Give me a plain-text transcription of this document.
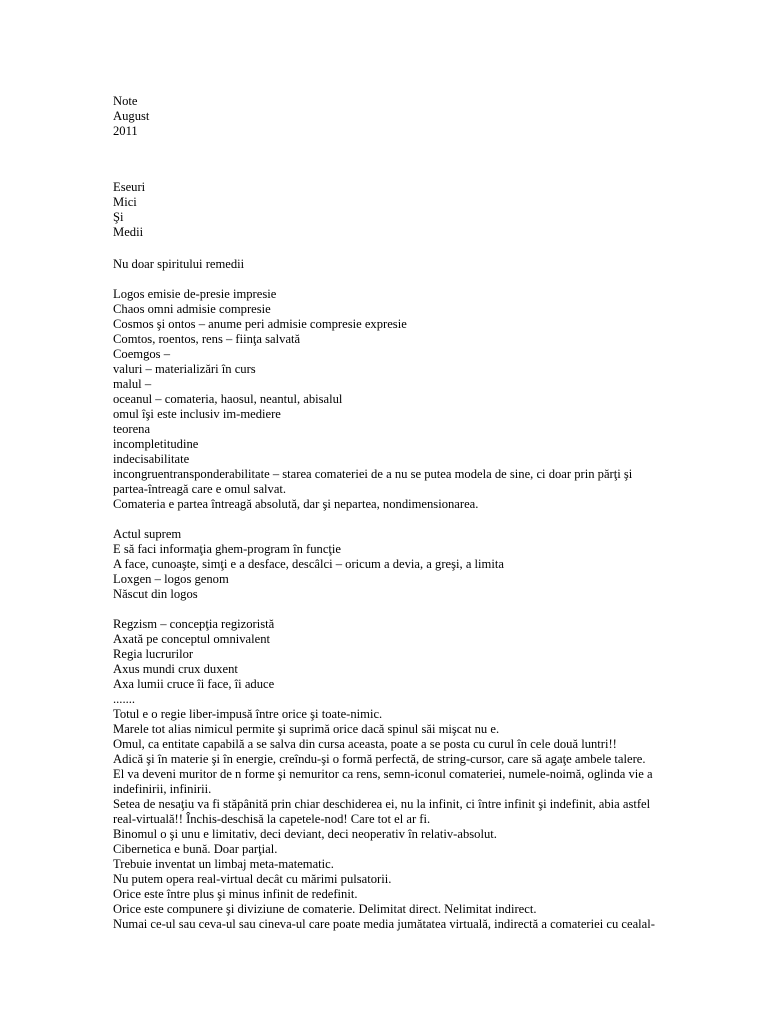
Note
August
2011
Eseuri
Mici
Şi
Medii
Nu doar spiritului remedii
Logos emisie de-presie impresie
Chaos omni admisie compresie
Cosmos şi ontos – anume peri admisie compresie expresie
Comtos, roentos, rens – fiinţa salvată
Coemgos –
valuri – materializări în curs
malul –
oceanul – comateria, haosul, neantul, abisalul
omul îşi este inclusiv im-mediere
teorena
incompletitudine
indecisabilitate
incongruentransponderabilitate – starea comateriei de a nu se putea modela de sine, ci doar prin părţi şi
partea-întreagă care e omul salvat.
Comateria e partea întreagă absolută, dar şi nepartea, nondimensionarea.
Actul suprem
E să faci informaţia ghem-program în funcţie
A face, cunoaşte, simţi e a desface, descâlci – oricum a devia, a greşi, a limita
Loxgen – logos genom
Născut din logos
Regzism – concepţia regizoristă
Axată pe conceptul omnivalent
Regia lucrurilor
Axus mundi crux duxent
Axa lumii cruce îi face, îi aduce
.......
Totul e o regie liber-impusă între orice şi toate-nimic.
Marele tot alias nimicul permite şi suprimă orice dacă spinul săi mişcat nu e.
Omul, ca entitate capabilă a se salva din cursa aceasta, poate a se posta cu curul în cele două luntri!!
Adică şi în materie şi în energie, creîndu-şi o formă perfectă, de string-cursor, care să agaţe ambele talere.
El va deveni muritor de n forme şi nemuritor ca rens, semn-iconul comateriei, numele-noimă, oglinda vie a
indefinirii, infinirii.
Setea de nesaţiu va fi stăpânită prin chiar deschiderea ei, nu la infinit, ci între infinit şi indefinit, abia astfel
real-virtuală!! Închis-deschisă la capetele-nod! Care tot el ar fi.
Binomul o şi unu e limitativ, deci deviant, deci neoperativ în relativ-absolut.
Cibernetica e bună. Doar parţial.
Trebuie inventat un limbaj meta-matematic.
Nu putem opera real-virtual decât cu mărimi pulsatorii.
Orice este între plus şi minus infinit de redefinit.
Orice este compunere şi diviziune de comaterie. Delimitat direct. Nelimitat indirect.
Numai ce-ul sau ceva-ul sau cineva-ul care poate media jumătatea virtuală, indirectă a comateriei cu cealal-
